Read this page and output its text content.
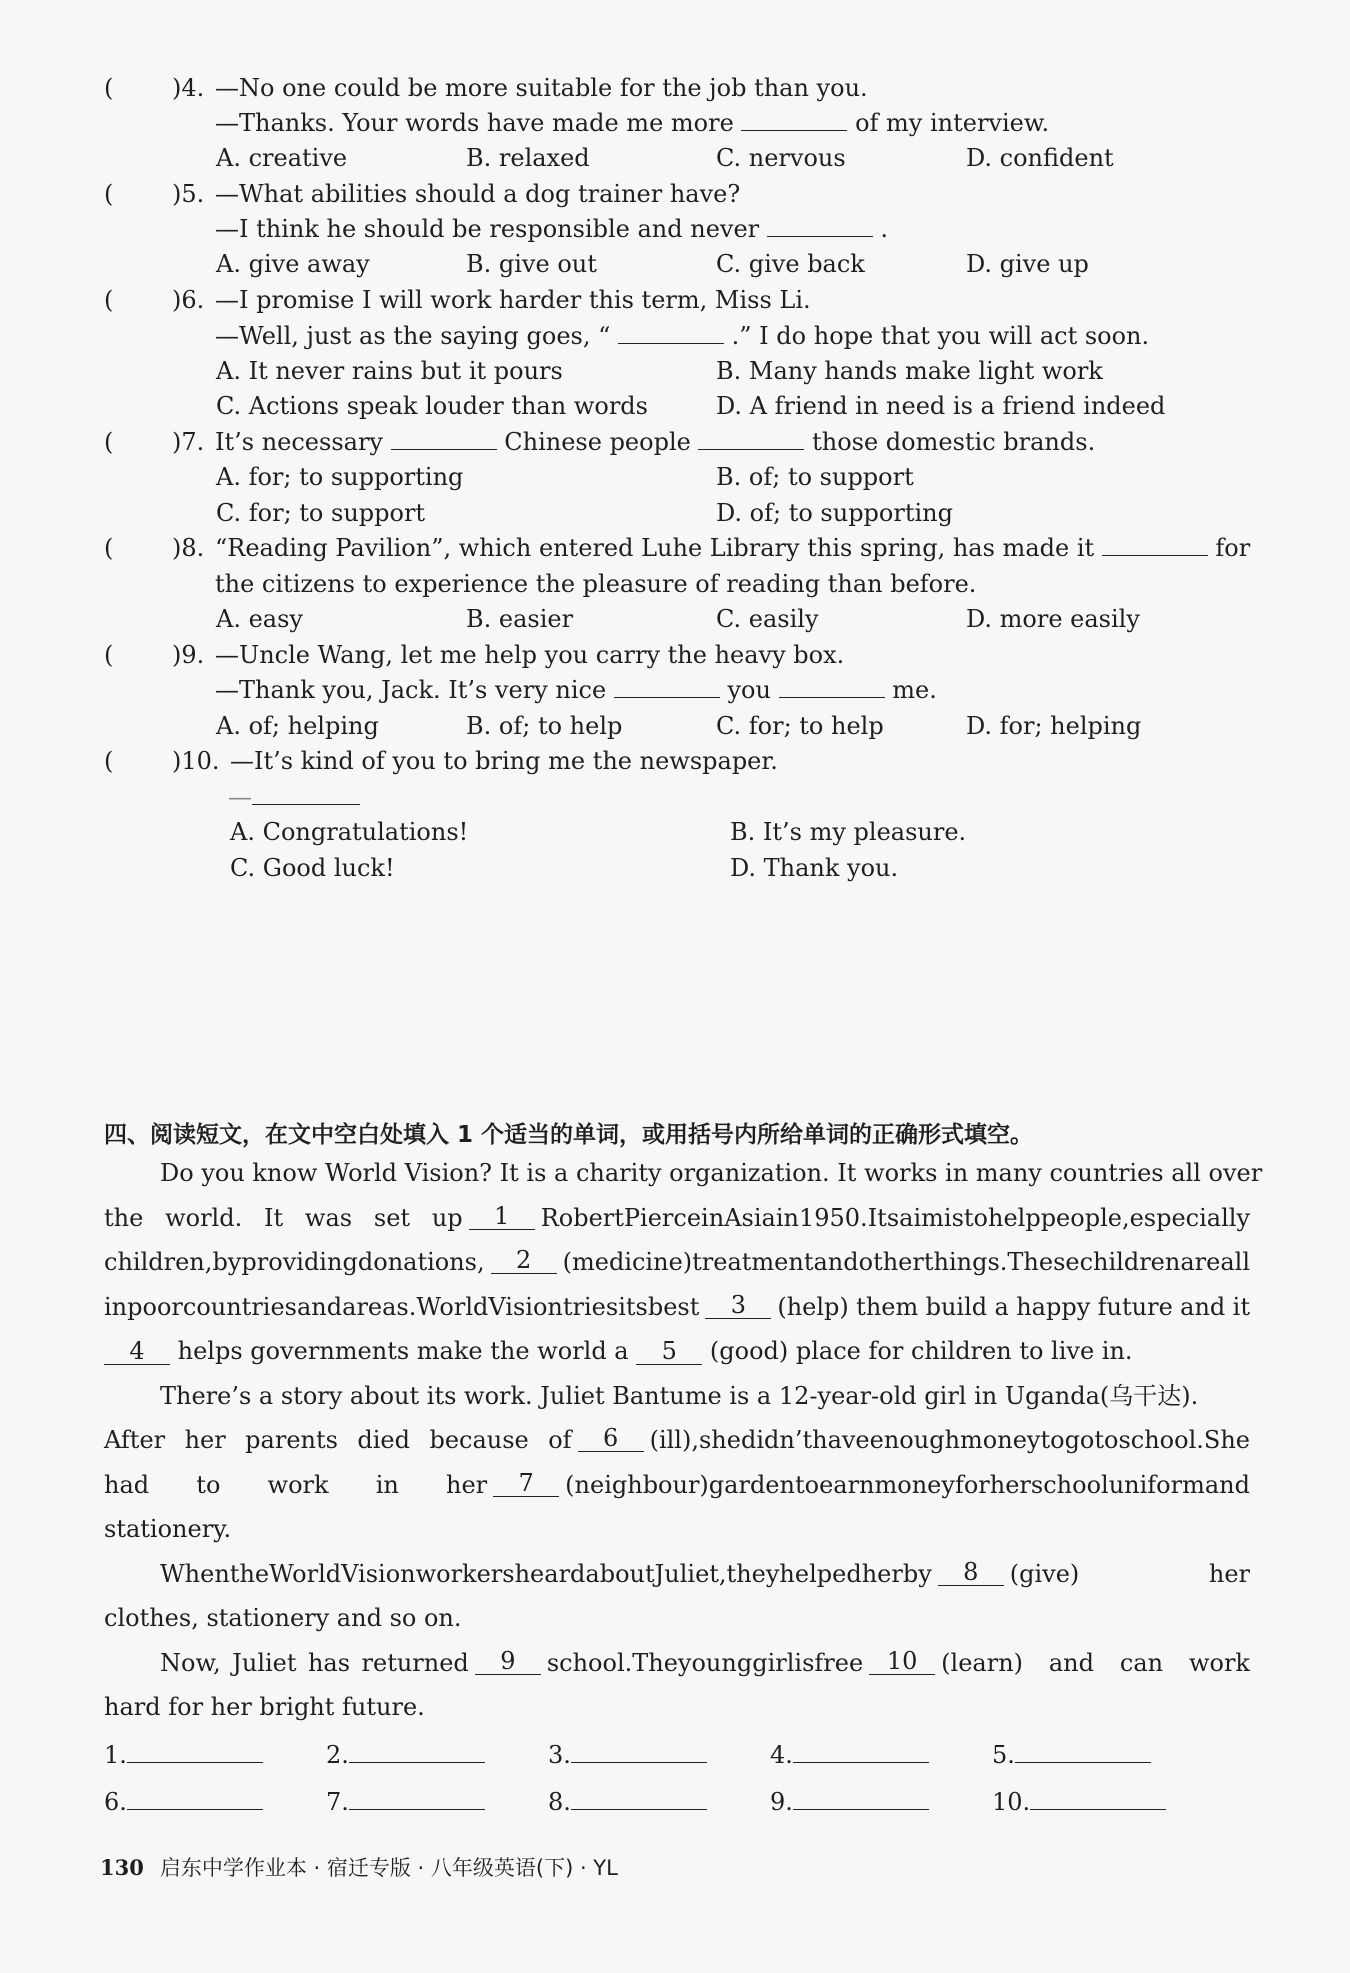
( )4. —No one could be more suitable for the job than you.
—Thanks. Your words have made me more	of my interview.
A. creative	B. relaxed	C. nervous	D. confident
( )5. —What abilities should a dog trainer have?
—I think he should be responsible and never	.
A. give away	B. give out	C. give back	D. give up
( )6. —I promise I will work harder this term, Miss Li.
—Well, just as the saying goes, “	.” I do hope that you will act soon.
A. It never rains but it pours	B. Many hands make light work
C. Actions speak louder than words	D. A friend in need is a friend indeed
( )7. It’s necessary	Chinese people	those domestic brands.
A. for; to supporting	B. of; to support
C. for; to support	D. of; to supporting
( )8. “Reading Pavilion”, which entered Luhe Library this spring, has made it	for
the citizens to experience the pleasure of reading than before.
A. easy	B. easier	C. easily	D. more easily
( )9. —Uncle Wang, let me help you carry the heavy box.
—Thank you, Jack. It’s very nice	you	me.
A. of; helping	B. of; to help	C. for; to help	D. for; helping
( )10. —It’s kind of you to bring me the newspaper.
—
A. Congratulations!	B. It’s my pleasure.
C. Good luck!	D. Thank you.
四、阅读短文，在文中空白处填入 1 个适当的单词，或用括号内所给单词的正确形式填空。
Do you know World Vision? It is a charity organization. It works in many countries all over
the world. It was set up	1	Robert Pierce in Asia in 1950. Its aim is to help people, especially
children, by providing donations,	2	(medicine) treatment and other things. These children are all
in poor countries and areas. World Vision tries its best	3	(help) them build a happy future and it
4 helps governments make the world a 5 (good) place for children to live in.
There’s a story about its work. Juliet Bantume is a 12-year-old girl in Uganda(乌干达).
After her parents died because of	6	(ill), she didn’t have enough money to go to school. She
had to work in her	7	(neighbour) garden to earn money for her school uniform and
stationery.
When the World Vision workers heard about Juliet, they helped her by	8	(give)	her
clothes, stationery and so on.
Now, Juliet has returned	9	school. The young girl is free 10 (learn) and can work
hard for her bright future.
1.	2.	3.	4.	5.
6.	7.	8.	9.	10.
130 启东中学作业本 · 宿迁专版 · 八年级英语(下) · YL
